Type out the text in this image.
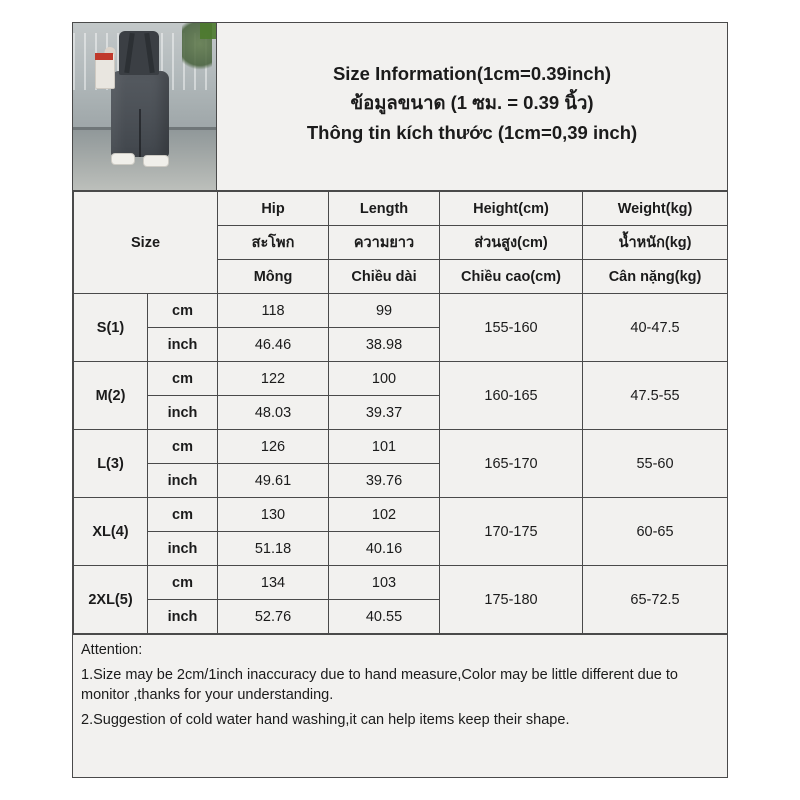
Size Information(1cm=0.39inch)
ข้อมูลขนาด (1 ซม. = 0.39 นิ้ว)
Thông tin kích thước (1cm=0,39 inch)
Size		Hip	Length	Height(cm)	Weight(kg)
		สะโพก	ความยาว	ส่วนสูง(cm)	น้ำหนัก(kg)
		Mông	Chiều dài	Chiều cao(cm)	Cân nặng(kg)
S(1)	cm	118	99	155-160	40-47.5
	inch	46.46	38.98		
M(2)	cm	122	100	160-165	47.5-55
	inch	48.03	39.37		
L(3)	cm	126	101	165-170	55-60
	inch	49.61	39.76		
XL(4)	cm	130	102	170-175	60-65
	inch	51.18	40.16		
2XL(5)	cm	134	103	175-180	65-72.5
	inch	52.76	40.55		

Attention:

1.Size may be 2cm/1inch inaccuracy due to hand measure,Color may be little different due to monitor ,thanks for your understanding.

2.Suggestion of cold water hand washing,it can help items keep their shape.
